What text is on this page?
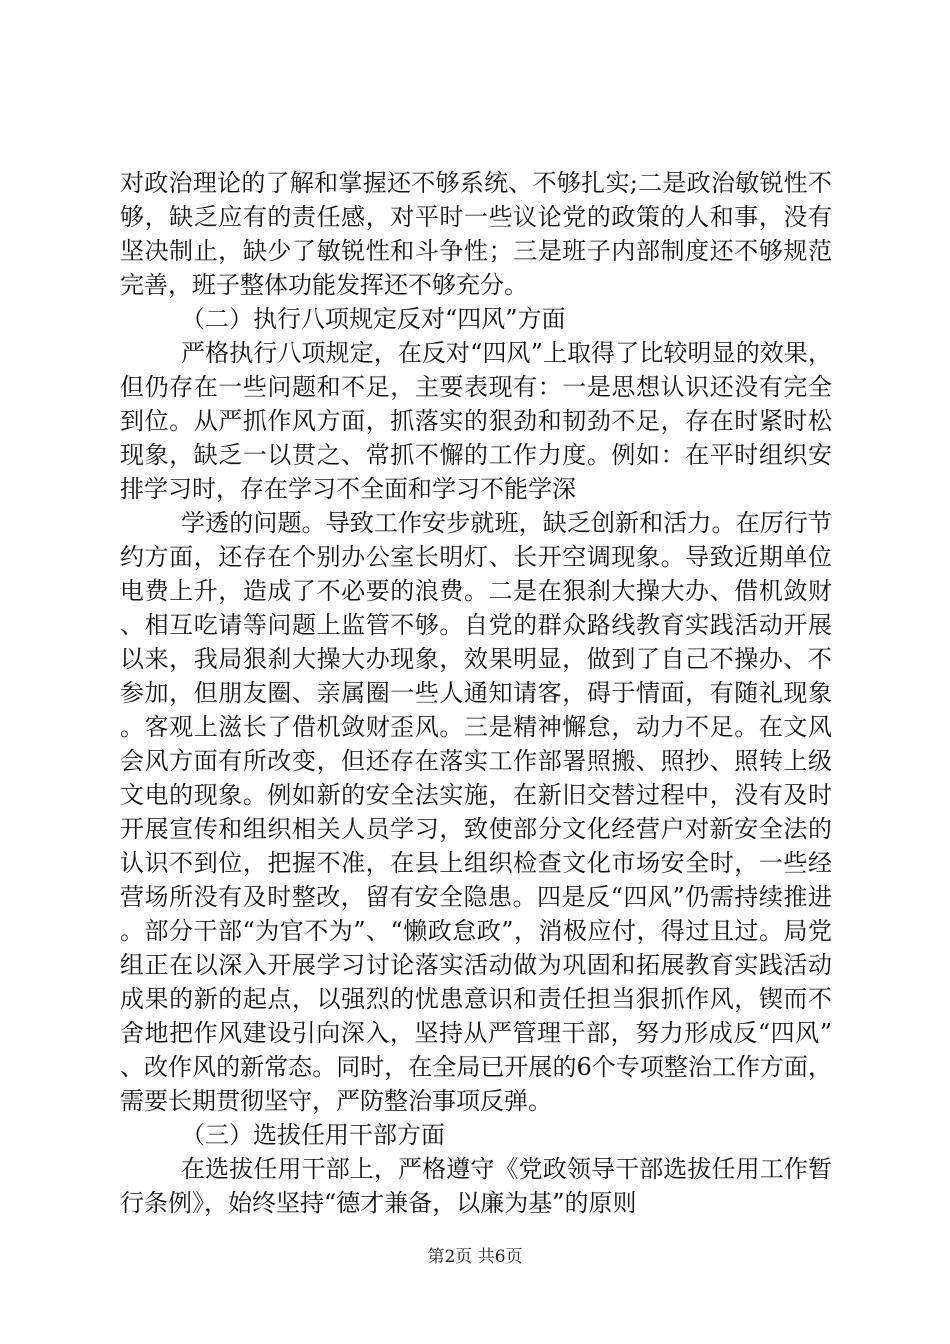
对政治理论的了解和掌握还不够系统、不够扎实;二是政治敏锐性不够，缺乏应有的责任感，对平时一些议论党的政策的人和事，没有坚决制止，缺少了敏锐性和斗争性；三是班子内部制度还不够规范完善，班子整体功能发挥还不够充分。

（二）执行八项规定反对“四风”方面

严格执行八项规定，在反对“四风”上取得了比较明显的效果，但仍存在一些问题和不足，主要表现有：一是思想认识还没有完全到位。从严抓作风方面，抓落实的狠劲和韧劲不足，存在时紧时松现象，缺乏一以贯之、常抓不懈的工作力度。例如：在平时组织安排学习时，存在学习不全面和学习不能学深

学透的问题。导致工作安步就班，缺乏创新和活力。在厉行节约方面，还存在个别办公室长明灯、长开空调现象。导致近期单位电费上升，造成了不必要的浪费。二是在狠刹大操大办、借机敛财、相互吃请等问题上监管不够。自党的群众路线教育实践活动开展以来，我局狠刹大操大办现象，效果明显，做到了自己不操办、不参加，但朋友圈、亲属圈一些人通知请客，碍于情面，有随礼现象。客观上滋长了借机敛财歪风。三是精神懈怠，动力不足。在文风会风方面有所改变，但还存在落实工作部署照搬、照抄、照转上级文电的现象。例如新的安全法实施，在新旧交替过程中，没有及时开展宣传和组织相关人员学习，致使部分文化经营户对新安全法的认识不到位，把握不准，在县上组织检查文化市场安全时，一些经营场所没有及时整改，留有安全隐患。四是反“四风”仍需持续推进。部分干部“为官不为”、“懒政怠政”，消极应付，得过且过。局党组正在以深入开展学习讨论落实活动做为巩固和拓展教育实践活动成果的新的起点，以强烈的忧患意识和责任担当狠抓作风，锲而不舍地把作风建设引向深入，坚持从严管理干部，努力形成反“四风”、改作风的新常态。同时，在全局已开展的6个专项整治工作方面，需要长期贯彻坚守，严防整治事项反弹。

（三）选拔任用干部方面

在选拔任用干部上，严格遵守《党政领导干部选拔任用工作暂行条例》，始终坚持“德才兼备，以廉为基”的原则

第2页 共6页
